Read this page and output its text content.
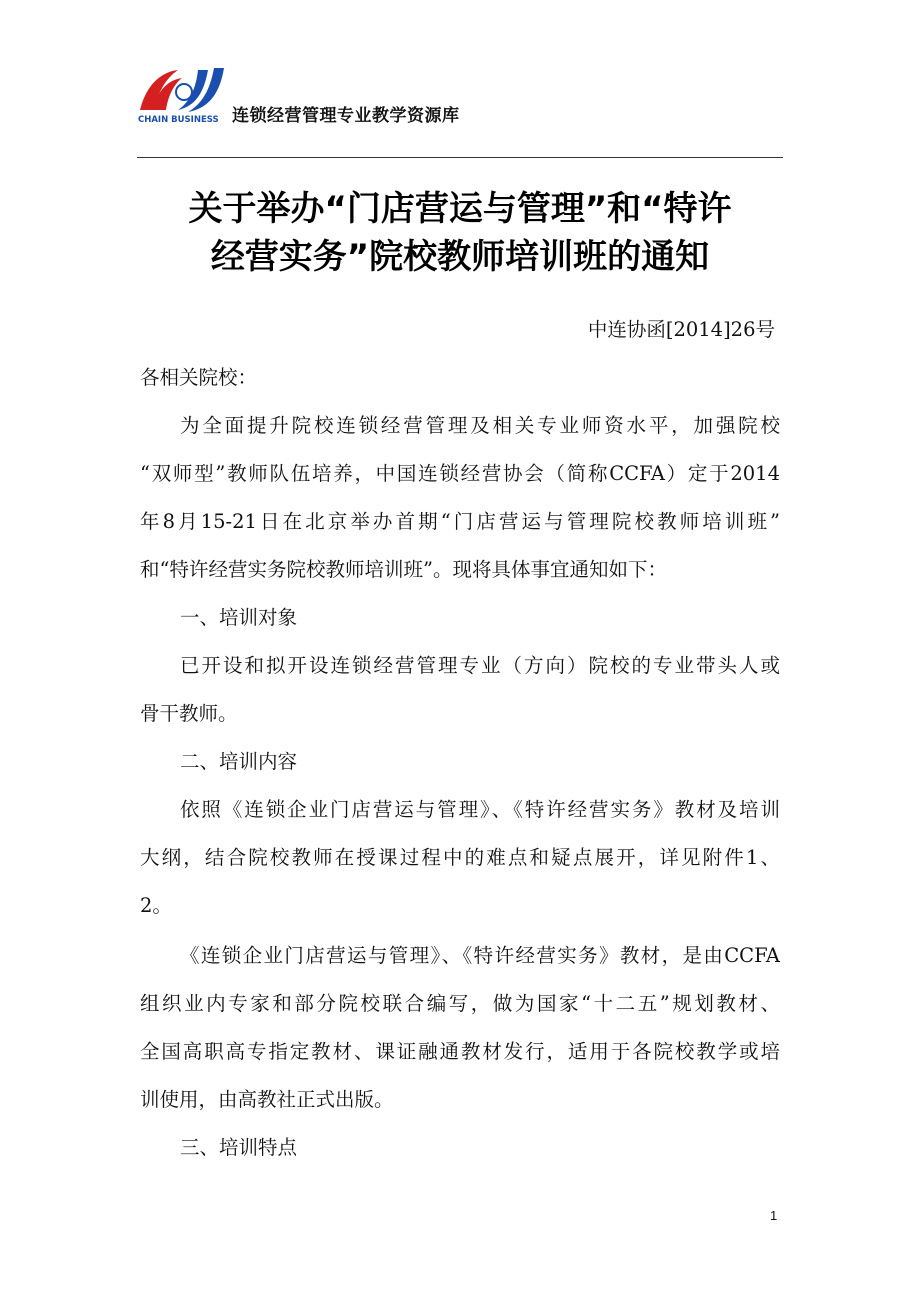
CHAIN BUSINESS 连锁经营管理专业教学资源库
关于举办“门店营运与管理”和“特许
经营实务”院校教师培训班的通知
中连协函[2014]26号
各相关院校：
为全面提升院校连锁经营管理及相关专业师资水平，加强院校
“双师型”教师队伍培养，中国连锁经营协会（简称CCFA）定于2014
年8月15-21日在北京举办首期“门店营运与管理院校教师培训班”
和“特许经营实务院校教师培训班”。现将具体事宜通知如下：
一、培训对象
已开设和拟开设连锁经营管理专业（方向）院校的专业带头人或
骨干教师。
二、培训内容
依照《连锁企业门店营运与管理》、《特许经营实务》教材及培训
大纲，结合院校教师在授课过程中的难点和疑点展开，详见附件1、
2。
《连锁企业门店营运与管理》、《特许经营实务》教材，是由CCFA
组织业内专家和部分院校联合编写，做为国家“十二五”规划教材、
全国高职高专指定教材、课证融通教材发行，适用于各院校教学或培
训使用，由高教社正式出版。
三、培训特点
1
